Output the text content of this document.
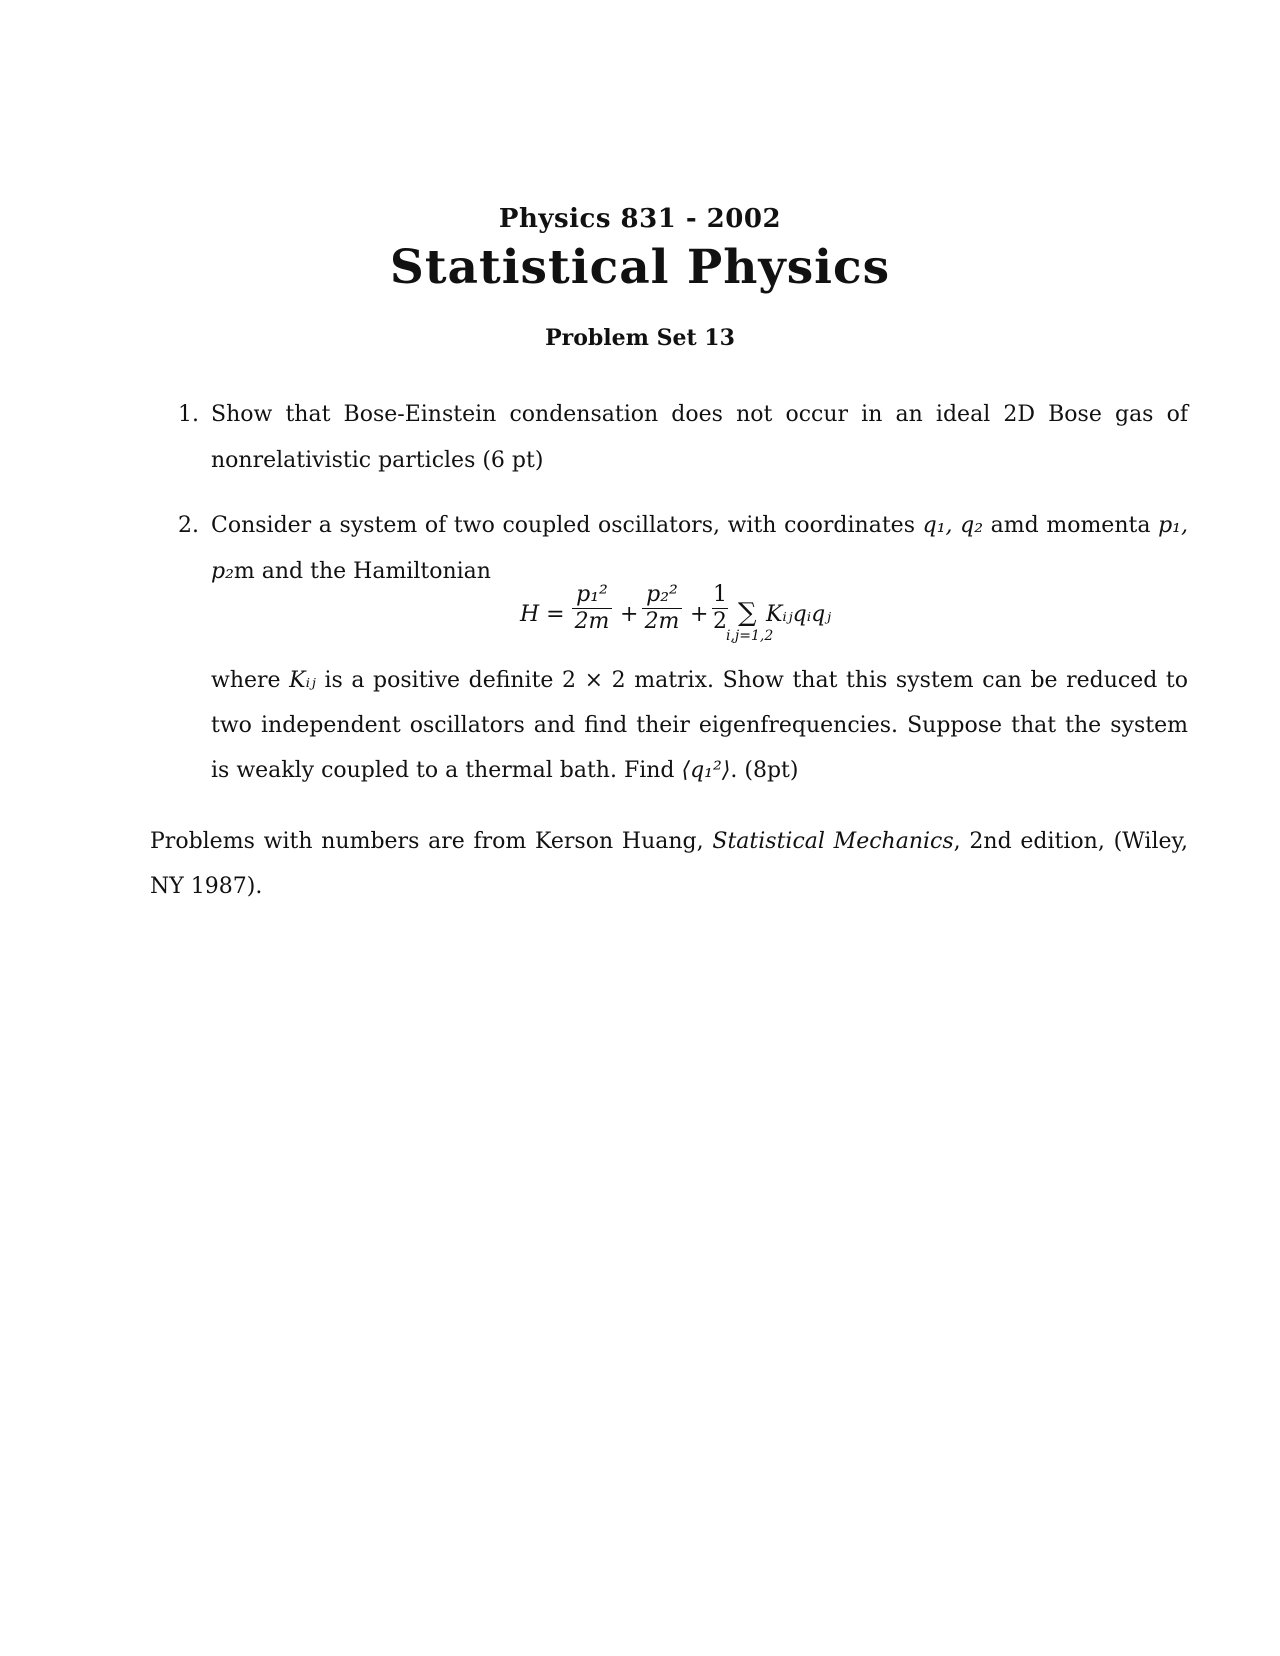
Physics 831 - 2002
Statistical Physics
Problem Set 13
1. Show that Bose-Einstein condensation does not occur in an ideal 2D Bose gas of nonrelativistic particles (6 pt)
2. Consider a system of two coupled oscillators, with coordinates q₁, q₂ amd momenta p₁, p₂m and the Hamiltonian
H =
p₁²
2m +
p₂²
2m +
1
2 ∑
i,j=1,2
Kᵢⱼqᵢqⱼ
where Kᵢⱼ is a positive definite 2 × 2 matrix. Show that this system can be reduced to two independent oscillators and find their eigenfrequencies. Suppose that the system is weakly coupled to a thermal bath. Find ⟨q₁²⟩. (8pt)
Problems with numbers are from Kerson Huang, Statistical Mechanics, 2nd edition, (Wiley, NY 1987).
